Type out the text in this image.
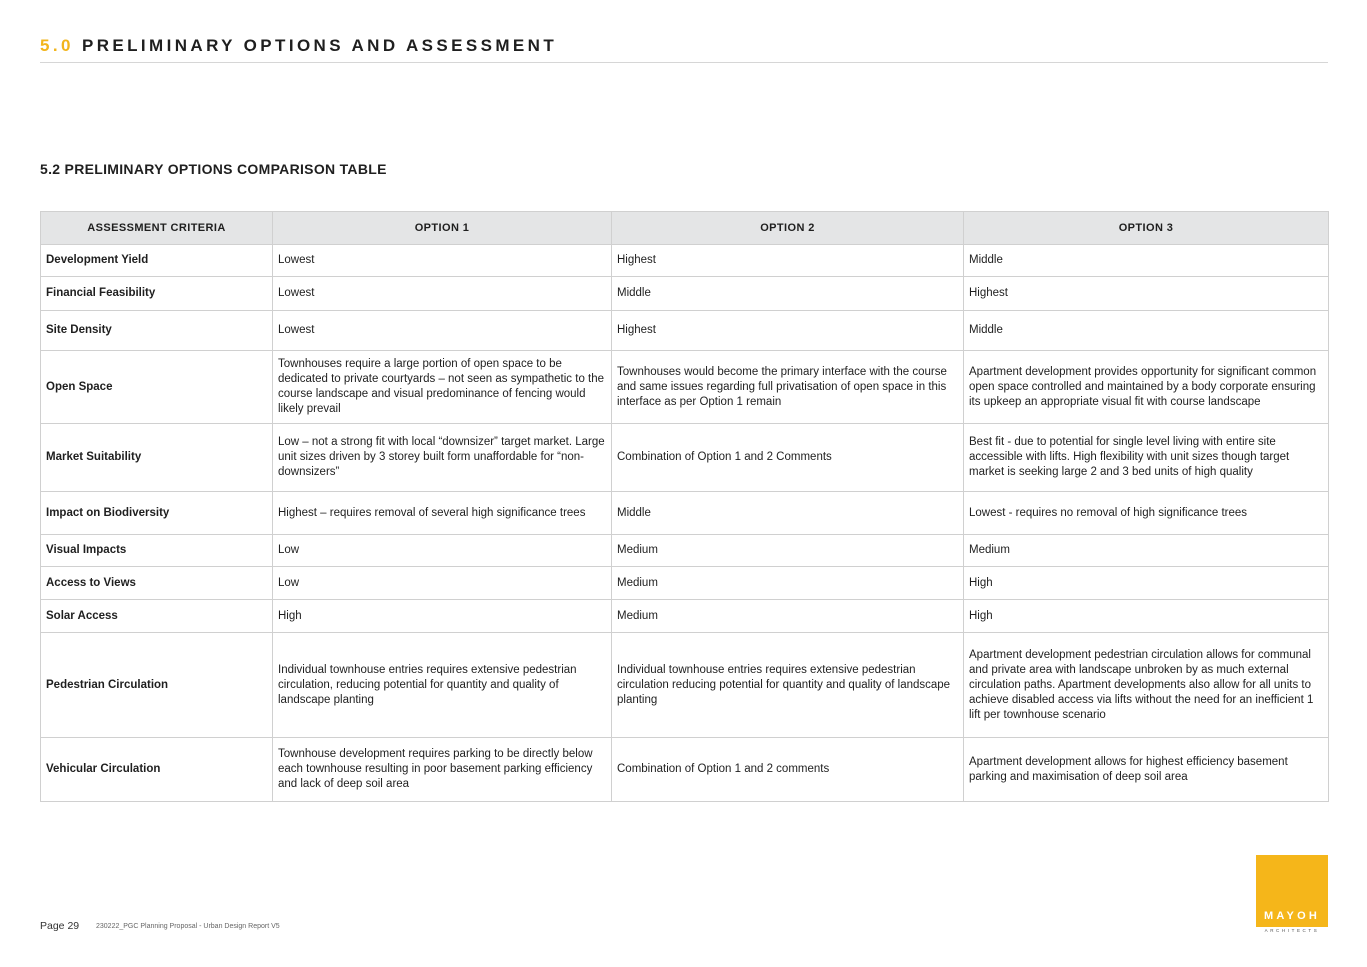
5.0 PRELIMINARY OPTIONS AND ASSESSMENT
5.2 PRELIMINARY OPTIONS COMPARISON TABLE
ASSESSMENT CRITERIA	OPTION 1	OPTION 2	OPTION 3
Development Yield	Lowest	Highest	Middle
Financial Feasibility	Lowest	Middle	Highest
Site Density	Lowest	Highest	Middle
Open Space	Townhouses require a large portion of open space to be dedicated to private courtyards – not seen as sympathetic to the course landscape and visual predominance of fencing would likely prevail	Townhouses would become the primary interface with the course and same issues regarding full privatisation of open space in this interface as per Option 1 remain	Apartment development provides opportunity for significant common open space controlled and maintained by a body corporate ensuring its upkeep an appropriate visual fit with course landscape
Market Suitability	Low – not a strong fit with local “downsizer” target market. Large unit sizes driven by 3 storey built form unaffordable for “non-downsizers”	Combination of Option 1 and 2 Comments	Best fit - due to potential for single level living with entire site accessible with lifts. High flexibility with unit sizes though target market is seeking large 2 and 3 bed units of high quality
Impact on Biodiversity	Highest – requires removal of several high significance trees	Middle	Lowest - requires no removal of high significance trees
Visual Impacts	Low	Medium	Medium
Access to Views	Low	Medium	High
Solar Access	High	Medium	High
Pedestrian Circulation	Individual townhouse entries requires extensive pedestrian circulation, reducing potential for quantity and quality of landscape planting	Individual townhouse entries requires extensive pedestrian circulation reducing potential for quantity and quality of landscape planting	Apartment development pedestrian circulation allows for communal and private area with landscape unbroken by as much external circulation paths. Apartment developments also allow for all units to achieve disabled access via lifts without the need for an inefficient 1 lift per townhouse scenario
Vehicular Circulation	Townhouse development requires parking to be directly below each townhouse resulting in poor basement parking efficiency and lack of deep soil area	Combination of Option 1 and 2 comments	Apartment development allows for highest efficiency basement parking and maximisation of deep soil area
Page 29 230222_PGC Planning Proposal - Urban Design Report V5
MAYOH
ARCHITECTS
